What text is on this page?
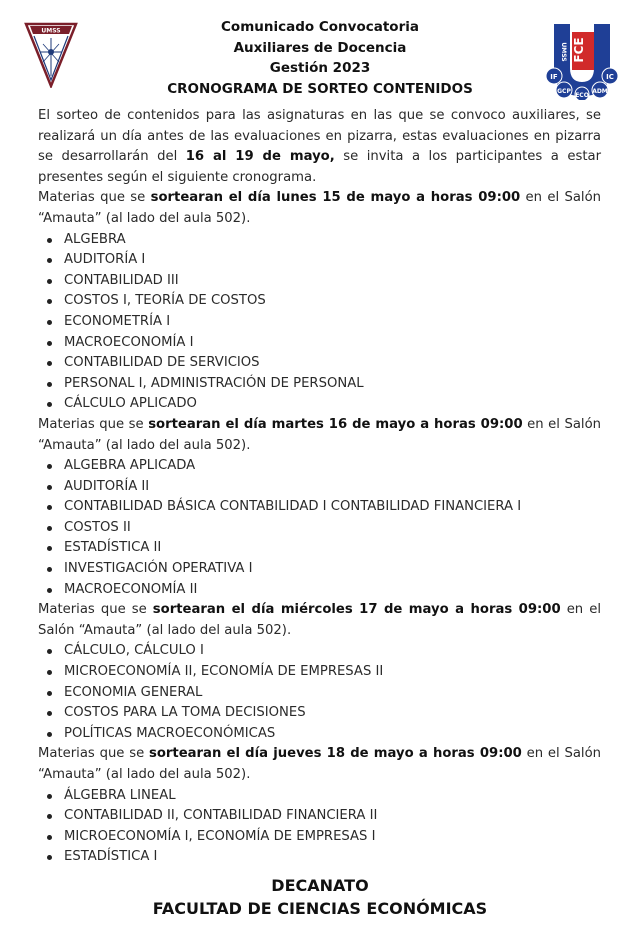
UMSS
FCE
UMSS
IF	IC
GCP
ECO
ADM
Comunicado Convocatoria
Auxiliares de Docencia
Gestión 2023
CRONOGRAMA DE SORTEO CONTENIDOS
El sorteo de contenidos para las asignaturas en las que se convoco auxiliares, se realizará un día antes de las evaluaciones en pizarra, estas evaluaciones en pizarra se desarrollarán del 16 al 19 de mayo, se invita a los participantes a estar presentes según el siguiente cronograma.
Materias que se sortearan el día lunes 15 de mayo a horas 09:00 en el Salón “Amauta” (al lado del aula 502).
ALGEBRA
AUDITORÍA I
CONTABILIDAD III
COSTOS I, TEORÍA DE COSTOS
ECONOMETRÍA I
MACROECONOMÍA I
CONTABILIDAD DE SERVICIOS
PERSONAL I, ADMINISTRACIÓN DE PERSONAL
CÁLCULO APLICADO
Materias que se sortearan el día martes 16 de mayo a horas 09:00 en el Salón “Amauta” (al lado del aula 502).
ALGEBRA APLICADA
AUDITORÍA II
CONTABILIDAD BÁSICA CONTABILIDAD I CONTABILIDAD FINANCIERA I
COSTOS II
ESTADÍSTICA II
INVESTIGACIÓN OPERATIVA I
MACROECONOMÍA II
Materias que se sortearan el día miércoles 17 de mayo a horas 09:00 en el Salón “Amauta” (al lado del aula 502).
CÁLCULO, CÁLCULO I
MICROECONOMÍA II, ECONOMÍA DE EMPRESAS II
ECONOMIA GENERAL
COSTOS PARA LA TOMA DECISIONES
POLÍTICAS MACROECONÓMICAS
Materias que se sortearan el día jueves 18 de mayo a horas 09:00 en el Salón “Amauta” (al lado del aula 502).
ÁLGEBRA LINEAL
CONTABILIDAD II, CONTABILIDAD FINANCIERA II
MICROECONOMÍA I, ECONOMÍA DE EMPRESAS I
ESTADÍSTICA I
DECANATO
FACULTAD DE CIENCIAS ECONÓMICAS
